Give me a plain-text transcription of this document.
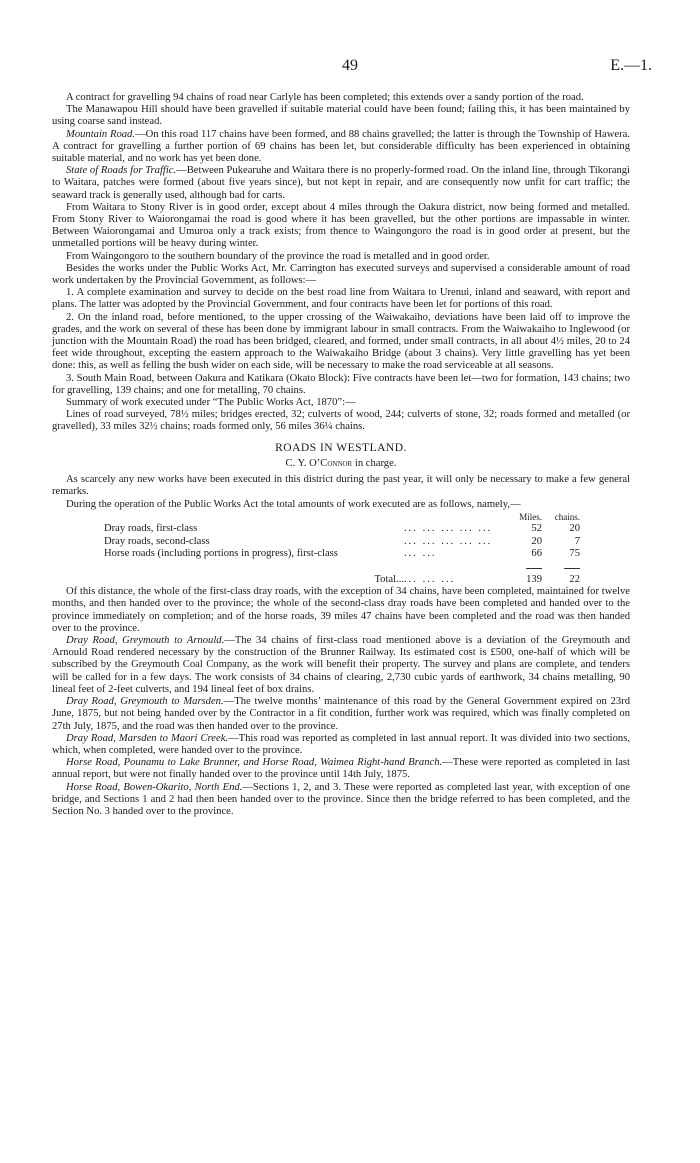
49	E.—1.

A contract for gravelling 94 chains of road near Carlyle has been completed; this extends over a sandy portion of the road.

The Manawapou Hill should have been gravelled if suitable material could have been found; failing this, it has been maintained by using coarse sand instead.

Mountain Road.—On this road 117 chains have been formed, and 88 chains gravelled; the latter is through the Township of Hawera. A contract for gravelling a further portion of 69 chains has been let, but considerable difficulty has been experienced in obtaining suitable material, and no work has yet been done.

State of Roads for Traffic.—Between Pukearuhe and Waitara there is no properly-formed road. On the inland line, through Tikorangi to Waitara, patches were formed (about five years since), but not kept in repair, and are consequently now unfit for cart traffic; the seaward track is generally used, although bad for carts.

From Waitara to Stony River is in good order, except about 4 miles through the Oakura district, now being formed and metalled. From Stony River to Waiorongamai the road is good where it has been gravelled, but the other portions are impassable in winter. Between Waiorongamai and Umuroa only a track exists; from thence to Waingongoro the road is in good order at present, but the unmetalled portions will be heavy during winter.

From Waingongoro to the southern boundary of the province the road is metalled and in good order.

Besides the works under the Public Works Act, Mr. Carrington has executed surveys and supervised a considerable amount of road work undertaken by the Provincial Government, as follows:—

1. A complete examination and survey to decide on the best road line from Waitara to Urenui, inland and seaward, with report and plans. The latter was adopted by the Provincial Government, and four contracts have been let for portions of this road.

2. On the inland road, before mentioned, to the upper crossing of the Waiwakaiho, deviations have been laid off to improve the grades, and the work on several of these has been done by immigrant labour in small contracts. From the Waiwakaiho to Inglewood (or junction with the Mountain Road) the road has been bridged, cleared, and formed, under small contracts, in all about 4½ miles, 20 to 24 feet wide throughout, excepting the eastern approach to the Waiwakaiho Bridge (about 3 chains). Very little gravelling has yet been done: this, as well as felling the bush wider on each side, will be necessary to make the road serviceable at all seasons.

3. South Main Road, between Oakura and Katikara (Okato Block): Five contracts have been let—two for formation, 143 chains; two for gravelling, 139 chains; and one for metalling, 70 chains.

Summary of work executed under “The Public Works Act, 1870”:—

Lines of road surveyed, 78½ miles; bridges erected, 32; culverts of wood, 244; culverts of stone, 32; roads formed and metalled (or gravelled), 33 miles 32½ chains; roads formed only, 56 miles 36¼ chains.

ROADS IN WESTLAND.
C. Y. O’Connor in charge.

As scarcely any new works have been executed in this district during the past year, it will only be necessary to make a few general remarks.

During the operation of the Public Works Act the total amounts of work executed are as follows, namely,—

		Miles.	chains.
Dray roads, first-class	... ... ... ... ...	52	20
Dray roads, second-class	... ... ... ... ...	20	7
Horse roads (including portions in progress), first-class	... ...	66	75

Total...	... ... ...	139	22

Of this distance, the whole of the first-class dray roads, with the exception of 34 chains, have been completed, maintained for twelve months, and then handed over to the province; the whole of the second-class dray roads have been completed and handed over to the province immediately on completion; and of the horse roads, 39 miles 47 chains have been completed and the road was then handed over to the province.

Dray Road, Greymouth to Arnould.—The 34 chains of first-class road mentioned above is a deviation of the Greymouth and Arnould Road rendered necessary by the construction of the Brunner Railway. Its estimated cost is £500, one-half of which will be subscribed by the Greymouth Coal Company, as the work will benefit their property. The survey and plans are complete, and tenders will be called for in a few days. The work consists of 34 chains of clearing, 2,730 cubic yards of earthwork, 34 chains metalling, 90 lineal feet of 2-feet culverts, and 194 lineal feet of box drains.

Dray Road, Greymouth to Marsden.—The twelve months’ maintenance of this road by the General Government expired on 23rd June, 1875, but not being handed over by the Contractor in a fit condition, further work was required, which was finally completed on 27th July, 1875, and the road was then handed over to the province.

Dray Road, Marsden to Maori Creek.—This road was reported as completed in last annual report. It was divided into two sections, which, when completed, were handed over to the province.

Horse Road, Pounamu to Lake Brunner, and Horse Road, Waimea Right-hand Branch.—These were reported as completed in last annual report, but were not finally handed over to the province until 14th July, 1875.

Horse Road, Bowen-Okarito, North End.—Sections 1, 2, and 3. These were reported as completed last year, with exception of one bridge, and Sections 1 and 2 had then been handed over to the province. Since then the bridge referred to has been completed, and the Section No. 3 handed over to the province.
